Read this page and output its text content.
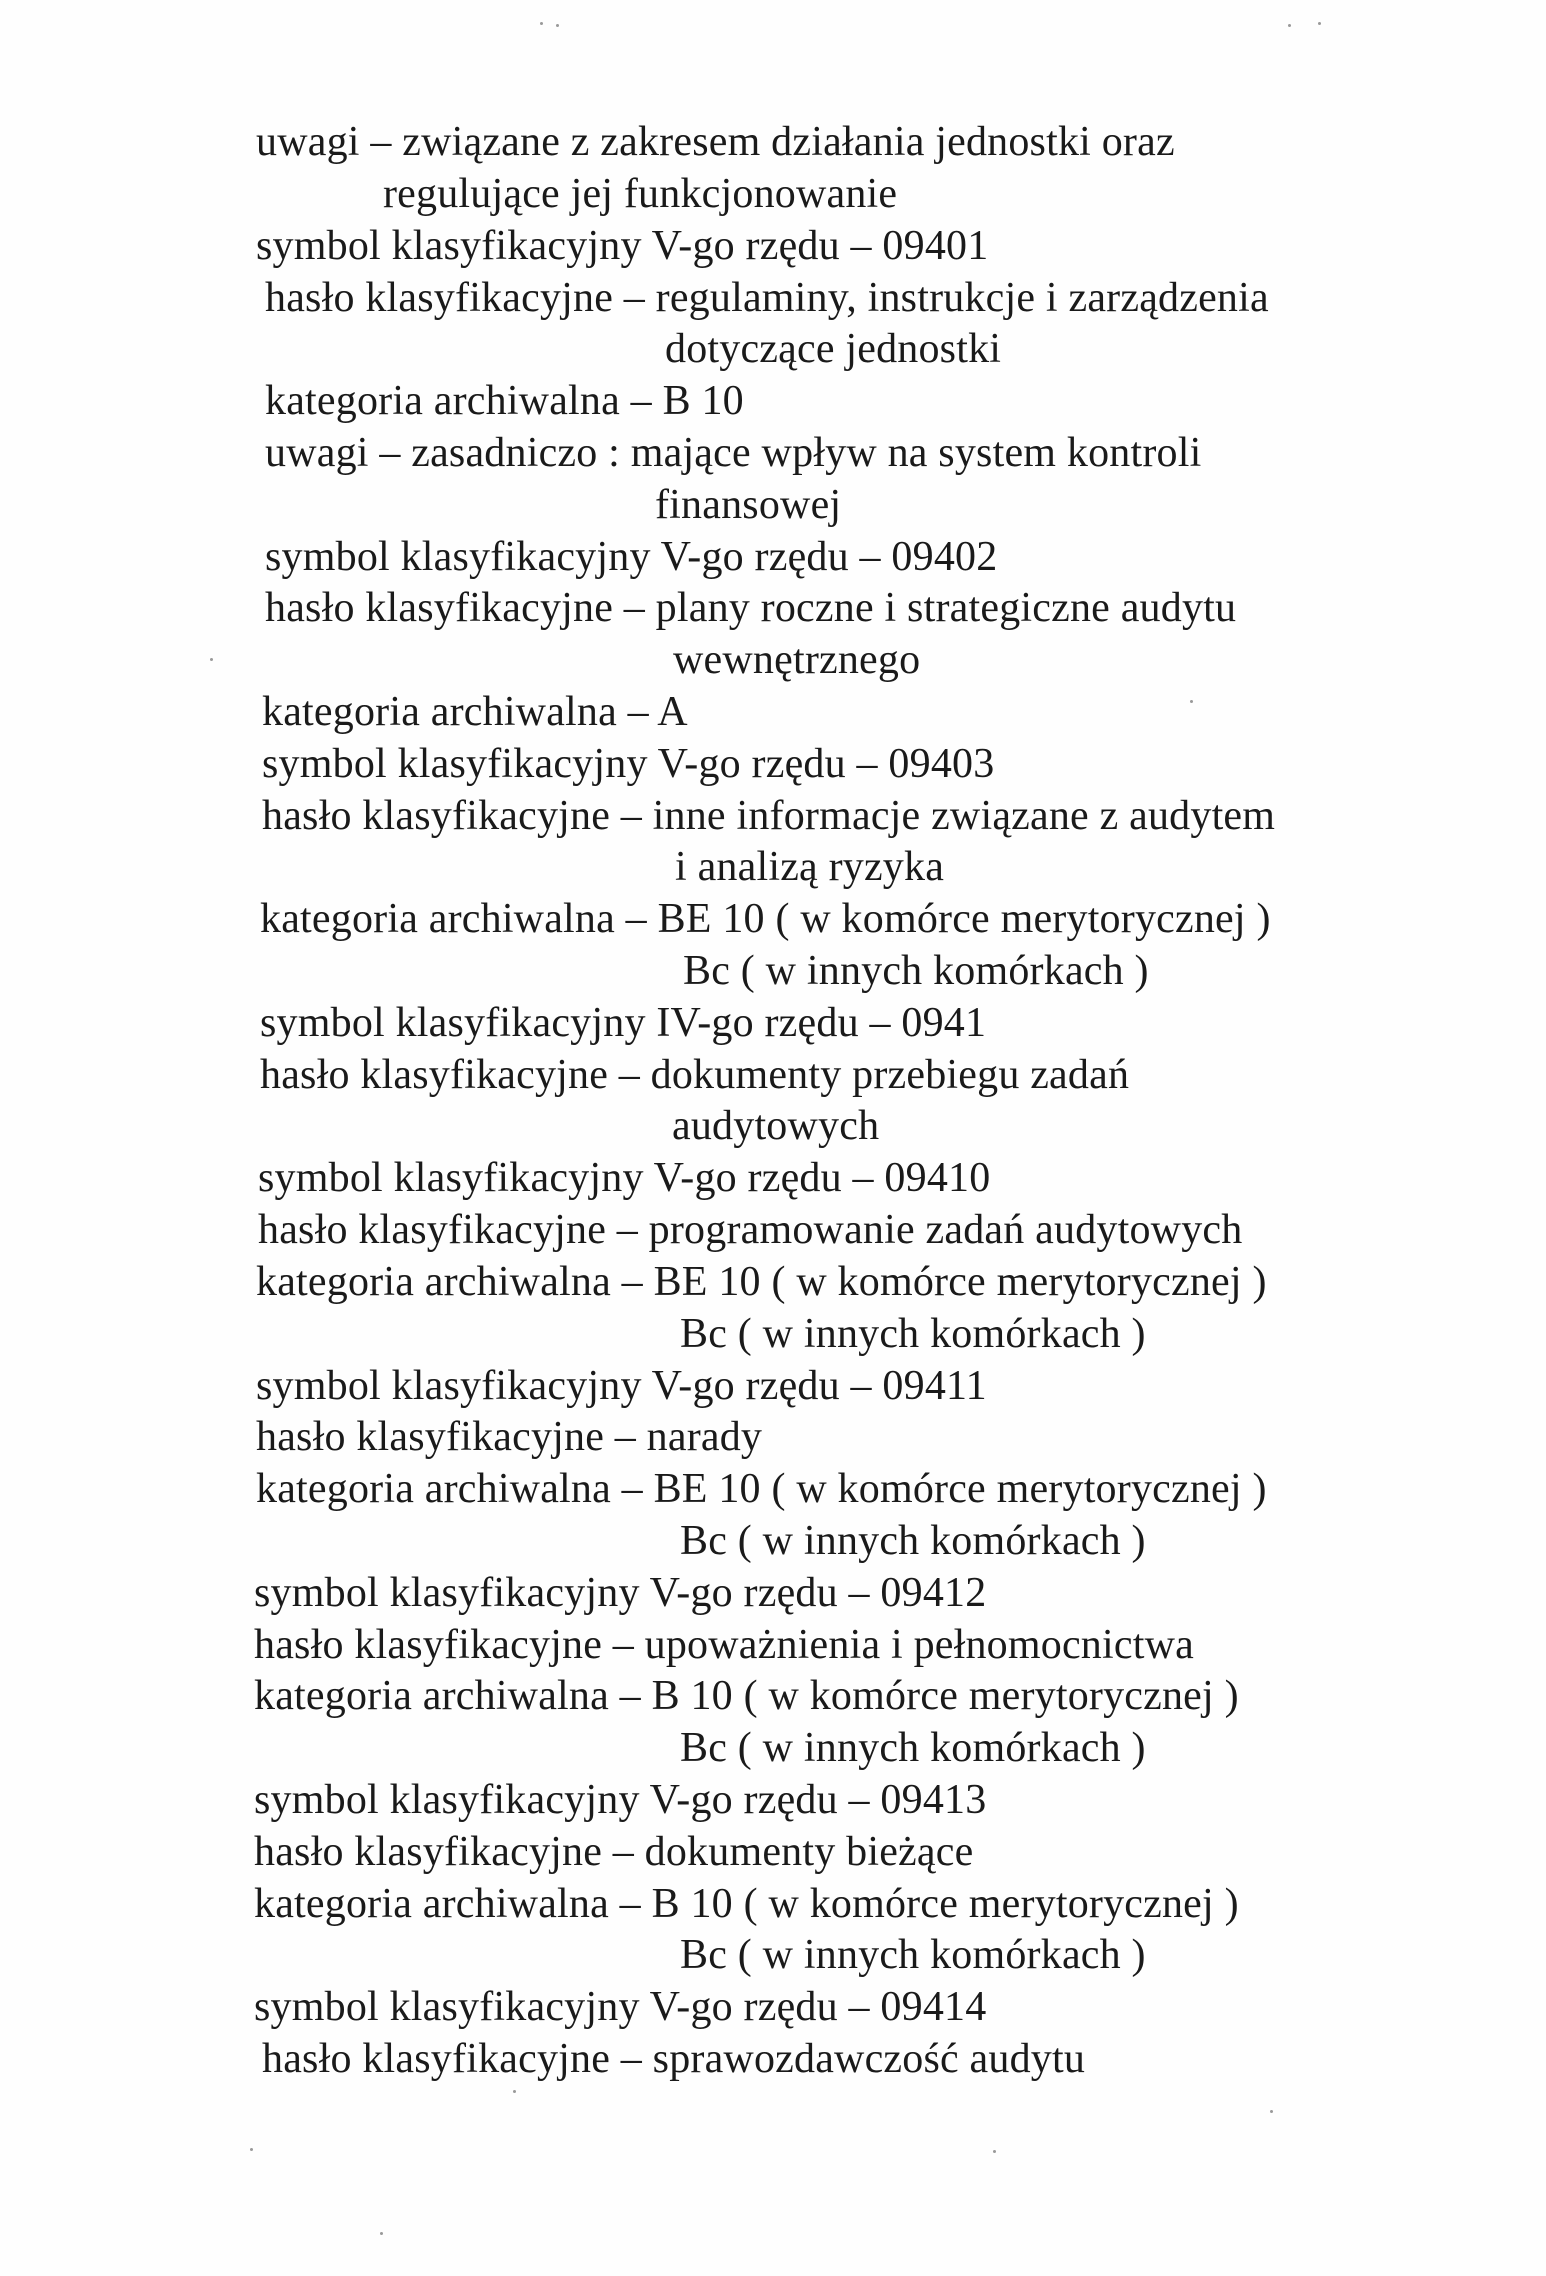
uwagi – związane z zakresem działania jednostki oraz
regulujące jej funkcjonowanie
symbol klasyfikacyjny V-go rzędu – 09401
hasło klasyfikacyjne – regulaminy, instrukcje i zarządzenia
dotyczące jednostki
kategoria archiwalna – B 10
uwagi – zasadniczo : mające wpływ na system kontroli
finansowej
symbol klasyfikacyjny V-go rzędu – 09402
hasło klasyfikacyjne – plany roczne i strategiczne audytu
wewnętrznego
kategoria archiwalna – A
symbol klasyfikacyjny V-go rzędu – 09403
hasło klasyfikacyjne – inne informacje związane z audytem
i analizą ryzyka
kategoria archiwalna – BE 10 ( w komórce merytorycznej )
Bc ( w innych komórkach )
symbol klasyfikacyjny IV-go rzędu – 0941
hasło klasyfikacyjne – dokumenty przebiegu zadań
audytowych
symbol klasyfikacyjny V-go rzędu – 09410
hasło klasyfikacyjne – programowanie zadań audytowych
kategoria archiwalna – BE 10 ( w komórce merytorycznej )
Bc ( w innych komórkach )
symbol klasyfikacyjny V-go rzędu – 09411
hasło klasyfikacyjne – narady
kategoria archiwalna – BE 10 ( w komórce merytorycznej )
Bc ( w innych komórkach )
symbol klasyfikacyjny V-go rzędu – 09412
hasło klasyfikacyjne – upoważnienia i pełnomocnictwa
kategoria archiwalna – B 10 ( w komórce merytorycznej )
Bc ( w innych komórkach )
symbol klasyfikacyjny V-go rzędu – 09413
hasło klasyfikacyjne – dokumenty bieżące
kategoria archiwalna – B 10 ( w komórce merytorycznej )
Bc ( w innych komórkach )
symbol klasyfikacyjny V-go rzędu – 09414
hasło klasyfikacyjne – sprawozdawczość audytu
